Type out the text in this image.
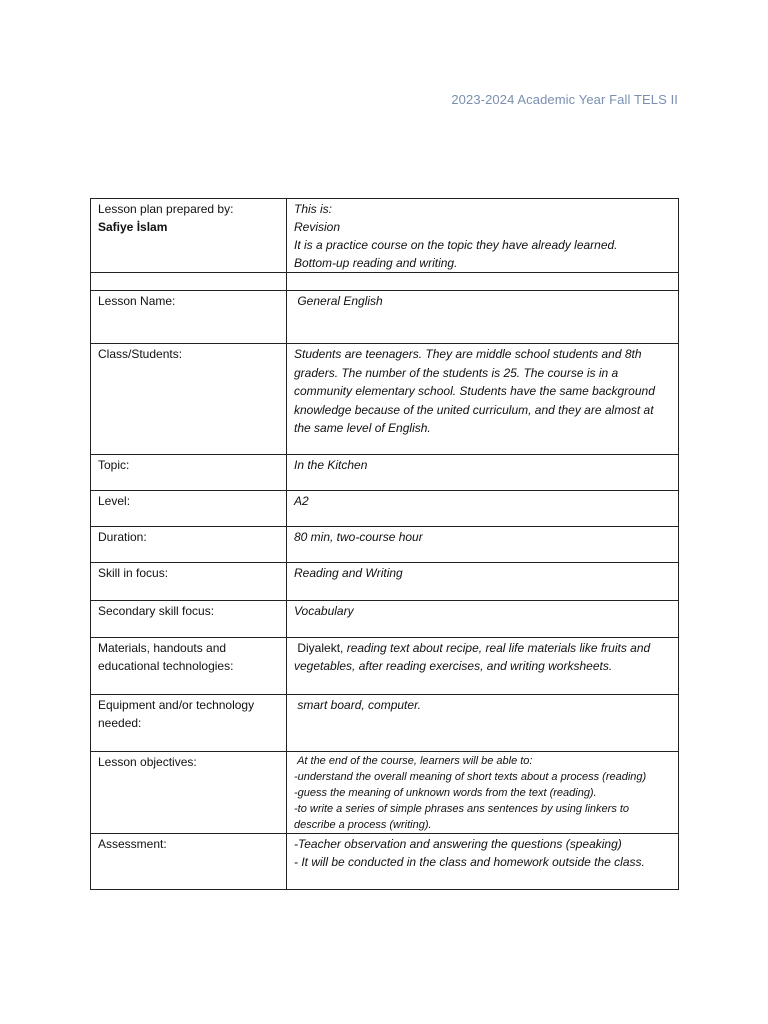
2023-2024 Academic Year Fall TELS II
Lesson plan prepared by:
Safiye İslam	This is:
Revision
It is a practice course on the topic they have already learned.
Bottom-up reading and writing.

Lesson Name:	General English
Class/Students:	Students are teenagers. They are middle school students and 8th graders. The number of the students is 25. The course is in a community elementary school. Students have the same background knowledge because of the united curriculum, and they are almost at the same level of English.
Topic:	In the Kitchen
Level:	A2
Duration:	80 min, two-course hour
Skill in focus:	Reading and Writing
Secondary skill focus:	Vocabulary
Materials, handouts and educational technologies:	Diyalekt, reading text about recipe, real life materials like fruits and vegetables, after reading exercises, and writing worksheets.
Equipment and/or technology needed:	smart board, computer.
Lesson objectives:	At the end of the course, learners will be able to:
-understand the overall meaning of short texts about a process (reading)
-guess the meaning of unknown words from the text (reading).
-to write a series of simple phrases ans sentences by using linkers to describe a process (writing).

Assessment:	-Teacher observation and answering the questions (speaking)
- It will be conducted in the class and homework outside the class.
